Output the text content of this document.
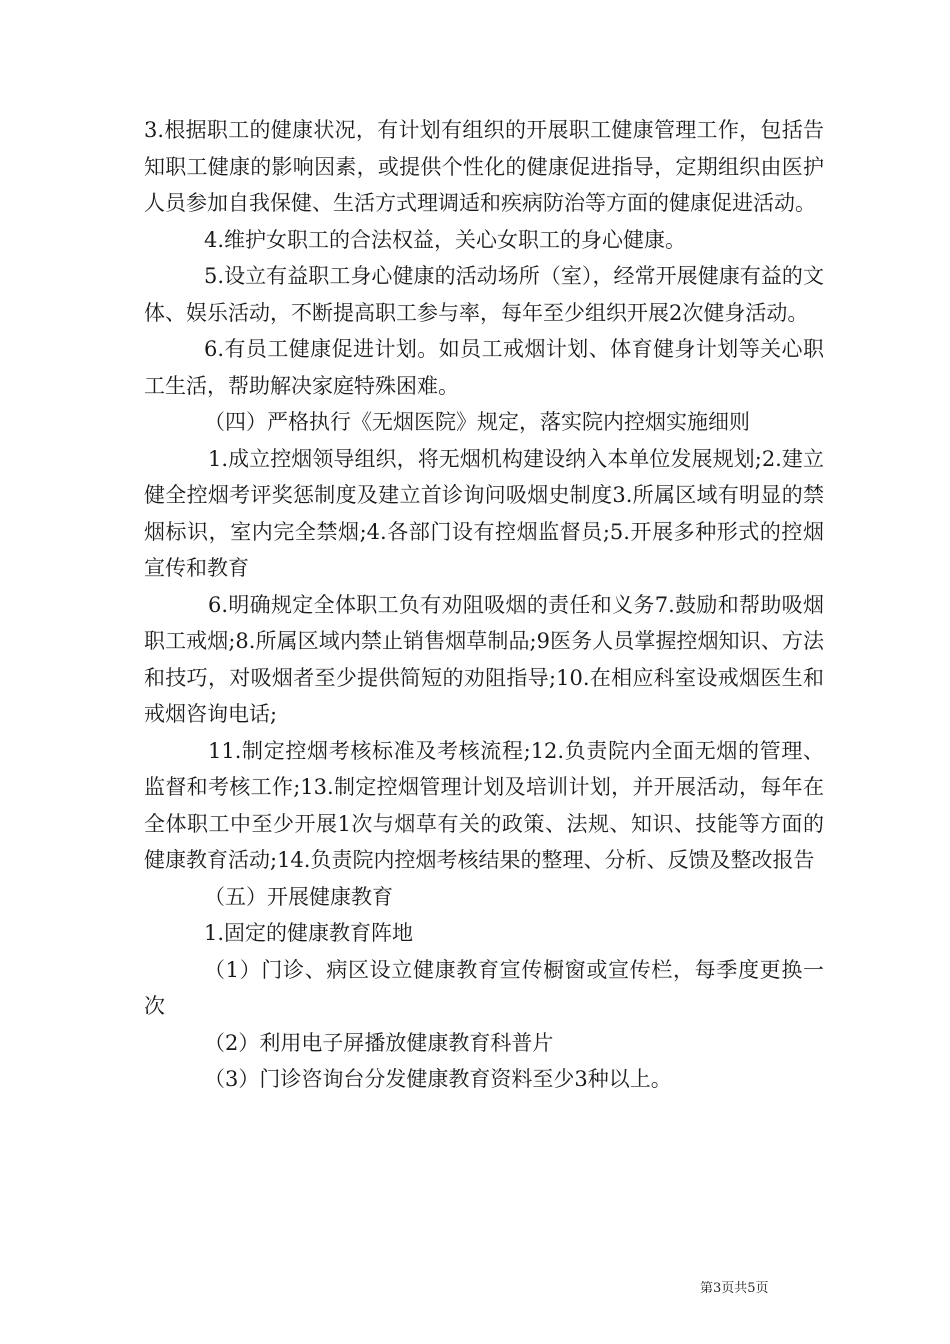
3.根据职工的健康状况，有计划有组织的开展职工健康管理工作，包括告知职工健康的影响因素，或提供个性化的健康促进指导，定期组织由医护人员参加自我保健、生活方式理调适和疾病防治等方面的健康促进活动。

4.维护女职工的合法权益，关心女职工的身心健康。

5.设立有益职工身心健康的活动场所（室），经常开展健康有益的文体、娱乐活动，不断提高职工参与率，每年至少组织开展2次健身活动。

6.有员工健康促进计划。如员工戒烟计划、体育健身计划等关心职工生活，帮助解决家庭特殊困难。

（四）严格执行《无烟医院》规定，落实院内控烟实施细则

1.成立控烟领导组织，将无烟机构建设纳入本单位发展规划;2.建立健全控烟考评奖惩制度及建立首诊询问吸烟史制度3.所属区域有明显的禁烟标识，室内完全禁烟;4.各部门设有控烟监督员;5.开展多种形式的控烟宣传和教育

6.明确规定全体职工负有劝阻吸烟的责任和义务7.鼓励和帮助吸烟职工戒烟;8.所属区域内禁止销售烟草制品;9医务人员掌握控烟知识、方法和技巧，对吸烟者至少提供简短的劝阻指导;10.在相应科室设戒烟医生和戒烟咨询电话;

11.制定控烟考核标准及考核流程;12.负责院内全面无烟的管理、监督和考核工作;13.制定控烟管理计划及培训计划，并开展活动，每年在全体职工中至少开展1次与烟草有关的政策、法规、知识、技能等方面的健康教育活动;14.负责院内控烟考核结果的整理、分析、反馈及整改报告

（五）开展健康教育

1.固定的健康教育阵地

（1）门诊、病区设立健康教育宣传橱窗或宣传栏，每季度更换一次

（2）利用电子屏播放健康教育科普片

（3）门诊咨询台分发健康教育资料至少3种以上。

第3页共5页
